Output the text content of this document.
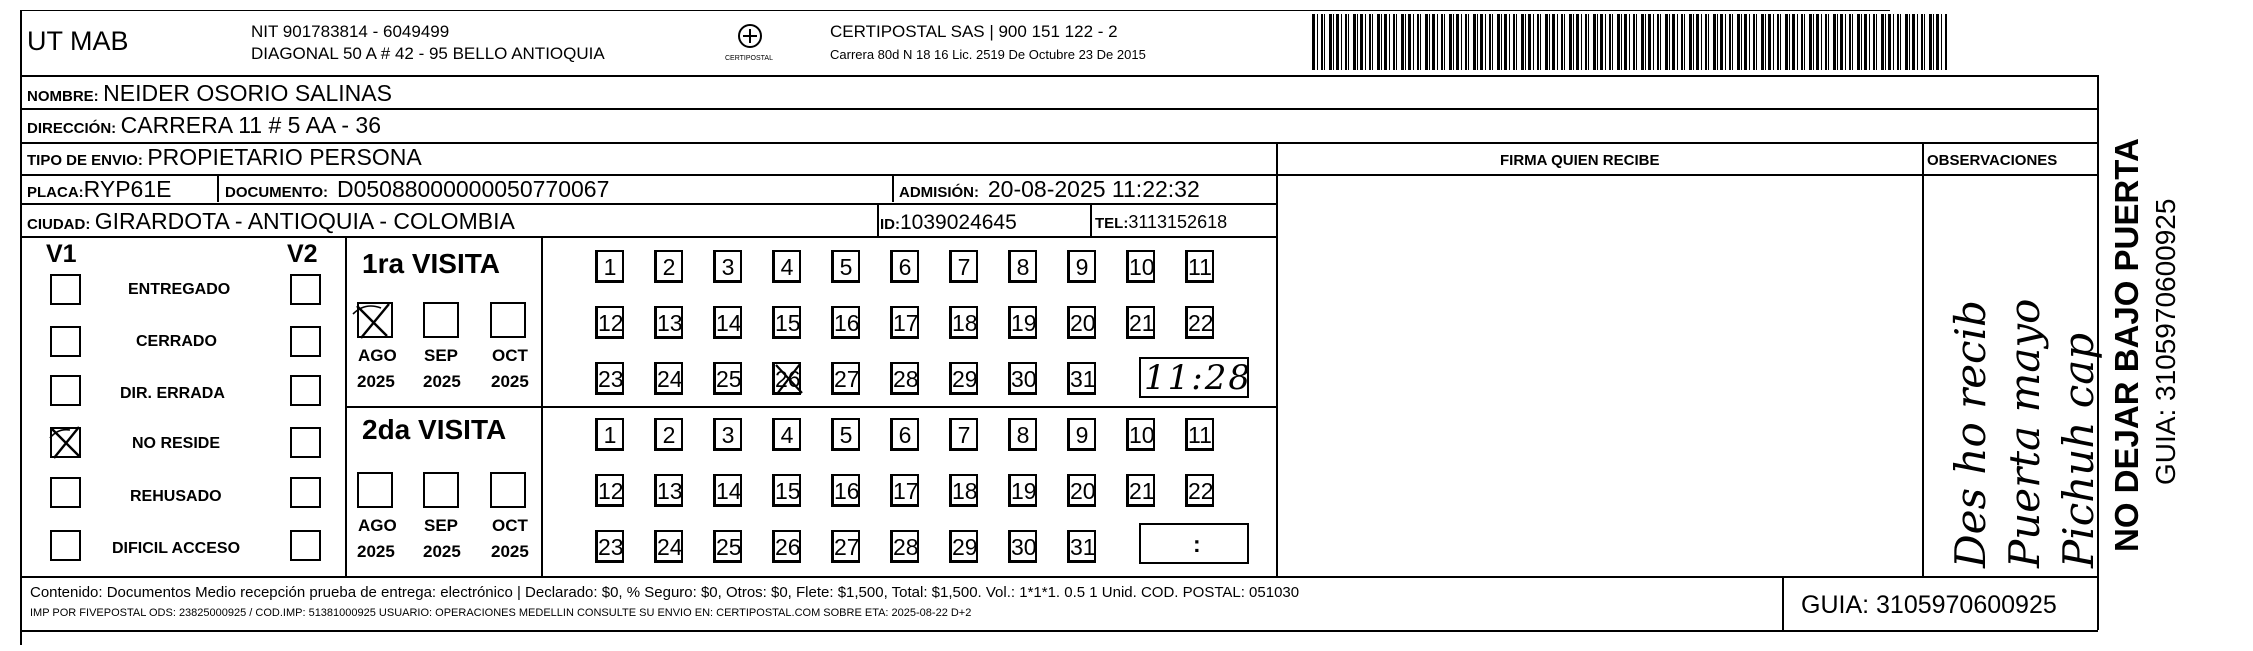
UT MAB	NIT 901783814 - 6049499
DIAGONAL 50 A # 42 - 95 BELLO ANTIOQUIA	CERTIPOSTAL
CERTIPOSTAL SAS | 900 151 122 - 2
Carrera 80d N 18 16 Lic. 2519 De Octubre 23 De 2015
NOMBRE: NEIDER OSORIO SALINAS
DIRECCIÓN: CARRERA 11 # 5 AA - 36
TIPO DE ENVIO: PROPIETARIO PERSONA	FIRMA QUIEN RECIBE	OBSERVACIONES
PLACA:RYP61E	DOCUMENTO: D05088000000050770067	ADMISIÓN: 20-08-2025 11:22:32
CIUDAD: GIRARDOTA - ANTIOQUIA - COLOMBIA	ID:1039024645	TEL:3113152618
V1	V2
ENTREGADO
CERRADO
DIR. ERRADA
NO RESIDE
REHUSADO
DIFICIL ACCESO
1ra VISITA
AGO SEP OCT
2025 2025 2025
1	2	3	4	5	6	7	8	9	10 11
12 13 14 15 16 17 18 19 20 21 22
23 24 25 26 27 28 29 30 31 11:28
2da VISITA
AGO SEP OCT
2025 2025 2025
1	2	3	4	5	6	7	8	9	10 11
12 13 14 15 16 17 18 19 20 21 22
23 24 25 26 27 28 29 30 31	:	Des ho recib Puerta mayo Pichuh cap
Contenido: Documentos Medio recepción prueba de entrega: electrónico | Declarado: $0, % Seguro: $0, Otros: $0, Flete: $1,500, Total: $1,500. Vol.: 1*1*1. 0.5 1 Unid. COD. POSTAL: 051030
IMP POR FIVEPOSTAL ODS: 23825000925 / COD.IMP: 51381000925 USUARIO: OPERACIONES MEDELLIN CONSULTE SU ENVIO EN: CERTIPOSTAL.COM SOBRE ETA: 2025-08-22 D+2	GUIA: 3105970600925
NO DEJAR BAJO PUERTA GUIA: 3105970600925
